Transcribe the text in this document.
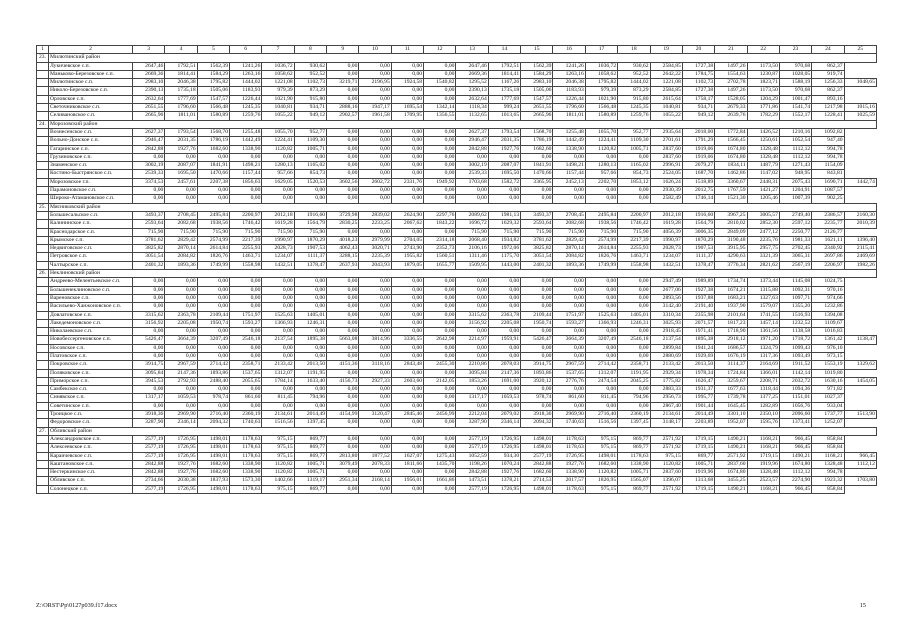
1	2	3	4	5	6	7	8	9	10	11	12	13	14	15	16	17	18	19	20	21	22	23	24	25	
23.	Милютинский район																								
	Лукичевское с.п.	2647,46	1792,51	1562,39	1241,26	1036,72	930,62	0,00	0,00	0,00	0,00	2647,46	1792,51	1562,39	1241,26	1036,72	930,62	2584,85	1727,38	1497,26	1173,50	970,68	862,37		
	Маньково-Березовское с.п.	2669,36	1814,41	1584,29	1263,16	1058,62	952,52	0,00	0,00	0,00	0,00	2669,36	1814,41	1584,29	1263,16	1058,62	952,52	2642,22	1784,75	1554,63	1230,87	1028,05	919,74		
	Милютинское с.п.	2983,10	2046,38	1795,82	1444,02	1221,08	1102,73	3219,71	2196,95	1924,58	1540,82	1295,52	1167,26	2983,10	2046,38	1795,82	1444,02	1221,08	1102,73	2702,78	1823,71	1588,19	1256,33	1048,65	
	Николо-Березовское с.п.	2390,13	1735,18	1505,06	1183,93	979,39	873,29	0,00	0,00	0,00	0,00	2390,13	1735,18	1505,06	1183,93	979,39	873,29	2584,85	1727,38	1497,26	1173,50	970,68	862,37		
	Орловское с.п.	2632,64	1777,69	1547,57	1226,44	1021,90	915,80	0,00	0,00	0,00	0,00	2632,64	1777,69	1547,57	1226,44	1021,90	915,80	2615,64	1758,17	1528,05	1204,29	1001,47	893,16		
	Светочниковское с.п.	2651,55	1796,60	1566,48	1245,35	1040,81	934,71	2888,16	1947,17	1695,54	1342,14	1118,34	999,24	2651,55	1796,60	1566,48	1245,35	1040,81	934,71	2679,33	1771,86	1541,74	1217,98	1015,16	
	Селивановское с.п.	2665,96	1811,01	1580,89	1259,76	1055,22	949,12	2902,57	1961,58	1709,95	1356,55	1132,65	1013,65	2665,96	1811,01	1580,89	1259,76	1055,22	949,12	2639,76	1782,29	1552,17	1228,41	1025,59	
24.	Морозовский район																								
	Вознесенское с.п.	2627,37	1793,54	1568,70	1255,48	1055,70	952,77	0,00	0,00	0,00	0,00	2627,37	1793,54	1568,70	1255,48	1055,70	952,77	2935,64	2018,00	1772,84	1426,52	1210,16	1092,82		
	Вольно-Донское с.п.	2946,47	2031,35	1786,19	1442,49	1224,41	1109,30	0,00	0,00	0,00	0,00	2946,47	2031,35	1786,19	1442,49	1224,41	1109,30	2701,61	1791,29	1566,45	1250,61	1052,54	947,40		
	Гагаринское с.п.	2842,88	1927,76	1682,60	1338,90	1120,82	1005,71	0,00	0,00	0,00	0,00	2842,88	1927,76	1682,60	1338,90	1120,82	1005,71	2837,60	1919,06	1674,80	1328,48	1112,12	994,78		
	Грузиновское с.п.	0,00	0,00	0,00	0,00	0,00	0,00	0,00	0,00	0,00	0,00	0,00	0,00	0,00	0,00	0,00	0,00	2837,60	1919,06	1674,80	1328,48	1112,12	994,78		
	Знаменское с.п.	3002,19	2087,07	1841,91	1498,21	1280,13	1165,02	0,00	0,00	0,00	0,00	3002,19	2087,07	1841,91	1498,21	1280,13	1165,02	2996,91	2079,27	1834,11	1487,79	1271,43	1154,09		
	Костино-Быстрянское с.п.	2539,33	1695,50	1470,66	1157,44	957,66	854,73	0,00	0,00	0,00	0,00	2539,33	1695,50	1470,66	1157,44	957,66	854,73	2524,05	1687,70	1462,86	1147,02	948,95	843,81		
	Морозовское г.п.	3374,53	2457,61	2207,38	1856,63	1629,05	1520,53	3602,56	2602,72	2331,76	1949,92	1703,68	1582,72	3365,95	2452,13	2202,70	1853,12	1626,24	1518,89	3360,67	2448,31	2075,43	1690,71	1442,74	
	Парамоновское с.п.	0,00	0,00	0,00	0,00	0,00	0,00	0,00	0,00	0,00	0,00	0,00	0,00	0,00	0,00	0,00	0,00	2930,39	2012,75	1767,59	1421,27	1204,91	1087,57		
	Широко-Атамановское с.п.	0,00	0,00	0,00	0,00	0,00	0,00	0,00	0,00	0,00	0,00	0,00	0,00	0,00	0,00	0,00	0,00	2582,49	1746,14	1521,30	1205,46	1007,39	902,25		
25.	Мясниковский район																								
	Большесальское с.п.	3493,37	2708,45	2495,84	2200,97	2012,18	1916,60	3729,98	2839,02	2624,90	2297,76	2089,62	1981,13	3493,37	2708,45	2495,84	2200,97	2012,18	1916,60	3967,25	3005,57	2749,40	2386,57	2160,30	
	Калининское с.п.	2593,64	2082,68	1938,56	1746,42	1619,28	1564,79	2830,25	2233,25	2067,62	1843,22	1696,72	1629,32	2593,64	2082,68	1938,56	1746,42	1619,28	1564,79	2810,02	2852,30	2597,12	2235,77	2010,39	
	Краснодарское с.п.	715,90	715,90	715,90	715,90	715,90	715,90	0,00	0,00	0,00	0,00	715,90	715,90	715,90	715,90	715,90	715,90	4056,39	3006,35	2849,09	2477,12	2250,77	2126,77		
	Крымское с.п.	3781,62	2829,42	2574,99	2217,39	1990,97	1870,29	4018,23	2979,99	2704,05	2314,18	2068,40	1934,82	3781,62	2829,42	2574,99	2217,39	1990,97	1870,29	3190,48	2235,76	1981,33	1621,11	1396,40	
	Недвиговское с.п.	3825,82	2870,14	2614,84	2255,93	2028,73	1907,53	4062,43	3020,71	2743,90	2352,73	2106,16	1972,06	3825,82	2870,14	2614,84	2255,93	2028,73	1907,53	3915,95	2957,75	2702,45	2340,92	2115,41	
	Петровское с.п.	3051,54	2084,82	1826,76	1463,71	1234,07	1111,37	3288,15	2235,39	1955,82	1560,51	1311,46	1175,70	3051,54	2084,82	1826,76	1463,71	1234,07	1111,37	4290,63	3321,39	3065,31	2697,86	2469,69	
	Чалтырское с.п.	2401,32	1893,36	1749,99	1558,98	1432,51	1378,47	2637,93	2043,93	1879,05	1655,77	1509,95	1443,00	2401,32	1893,36	1749,99	1558,98	1432,51	1378,47	3776,34	2821,62	2567,19	2206,97	1982,26	
26.	Неклиновский район																								
	Андреево-Мелентьевское с.п.	0,00	0,00	0,00	0,00	0,00	0,00	0,00	0,00	0,00	0,00	0,00	0,00	0,00	0,00	0,00	0,00	2947,49	1989,89	1734,74	1373,44	1145,08	1024,75		
	Большенеклиновское с.п.	0,00	0,00	0,00	0,00	0,00	0,00	0,00	0,00	0,00	0,00	0,00	0,00	0,00	0,00	0,00	0,00	2677,06	1927,38	1674,21	1315,88	1092,31	970,16		
	Вареновское с.п.	0,00	0,00	0,00	0,00	0,00	0,00	0,00	0,00	0,00	0,00	0,00	0,00	0,00	0,00	0,00	0,00	2893,56	1937,88	1683,21	1327,63	1097,71	974,66		
	Васильево-Ханжоновское с.п.	0,00	0,00	0,00	0,00	0,00	0,00	0,00	0,00	0,00	0,00	0,00	0,00	0,00	0,00	0,00	0,00	3142,40	2191,40	1937,90	1579,07	1355,20	1232,86		
	Довлатовское с.п.	3315,62	2363,78	2109,44	1751,97	1525,63	1405,01	0,00	0,00	0,00	0,00	3315,62	2363,78	2109,44	1751,97	1525,63	1405,01	3310,34	2355,98	2101,64	1741,55	1516,93	1394,08		
	Лакедемоновское с.п.	3156,92	2205,08	1950,74	1593,27	1366,93	1246,31	0,00	0,00	0,00	0,00	3156,92	2205,08	1950,74	1593,27	1366,93	1246,31	3025,93	2071,57	1817,23	1457,14	1232,52	1109,67		
	Николаевское с.п.	0,00	0,00	0,00	0,00	0,00	0,00	0,00	0,00	0,00	0,00	0,00	0,00	0,00	0,00	0,00	0,00	2918,45	1971,41	1718,90	1361,56	1138,58	1016,83		
	Новобессергеновское с.п.	5426,47	3664,39	3207,49	2546,18	2137,54	1895,38	5663,08	3814,96	3336,55	2642,98	2214,97	1959,91	5426,47	3664,39	3207,49	2546,18	2137,54	1895,38	2918,12	1971,20	1718,72	1361,42	1138,47	
	Носовское с.п.	0,00	0,00	0,00	0,00	0,00	0,00	0,00	0,00	0,00	0,00	0,00	0,00	0,00	0,00	0,00	0,00	2899,84	1941,24	1686,57	1324,79	1099,43	976,10		
	Платовское с.п.	0,00	0,00	0,00	0,00	0,00	0,00	0,00	0,00	0,00	0,00	0,00	0,00	0,00	0,00	0,00	0,00	2880,69	1929,69	1676,19	1317,36	1093,49	973,15		
	Покровское с.п.	3914,75	2967,59	2714,42	2358,71	2133,42	2013,50	4151,36	3118,16	2843,48	2455,30	2210,86	2078,03	3914,75	2967,59	2714,42	2358,71	2133,42	2013,50	3114,37	2164,69	1911,52	1553,19	1329,62	
	Поляковское с.п.	3095,84	2147,36	1893,86	1537,65	1312,07	1191,95	0,00	0,00	0,00	0,00	3095,84	2147,36	1893,86	1537,65	1312,07	1191,95	2929,34	1978,34	1724,84	1366,01	1142,14	1019,80		
	Приморское с.п.	3945,53	2792,93	2488,40	2055,65	1784,14	1633,40	4156,73	2927,33	2603,60	2142,05	1853,26	1691,00	3920,12	2776,76	2474,54	2045,25	1775,82	1626,47	3259,67	2208,71	2032,72	1630,16	1454,05	
	Самбекское с.п.	0,00	0,00	0,00	0,00	0,00	0,00	0,00	0,00	0,00	0,00	0,00	0,00	0,00	0,00	0,00	0,00	2883,33	1931,37	1677,63	1318,44	1094,36	971,82		
	Синявское с.п.	1317,17	1059,53	978,74	861,60	811,45	794,96	0,00	0,00	0,00	0,00	1317,17	1059,53	978,74	861,60	811,45	794,96	2956,73	1995,77	1739,78	1377,25	1151,01	1027,37		
	Советинское с.п.	0,00	0,00	0,00	0,00	0,00	0,00	0,00	0,00	0,00	0,00	0,00	0,00	0,00	0,00	0,00	0,00	2867,40	1901,44	1645,45	1282,89	1056,76	933,04		
	Троицкое с.п.	3918,36	2969,90	2716,40	2360,19	2134,61	2014,49	4154,99	3120,47	2845,46	2456,99	2212,04	2079,02	3918,36	2969,90	2716,40	2360,19	2134,61	2014,49	3301,10	2350,10	2096,60	1737,77	1513,90	
	Федоровское с.п.	3287,90	2346,14	2094,32	1740,63	1516,56	1397,45	0,00	0,00	0,00	0,00	3287,90	2346,14	2094,32	1740,63	1516,56	1397,45	3148,17	2203,89	1952,07	1595,76	1373,41	1252,07		
27.	Обливский район																								
	Александровское с.п.	2577,19	1726,95	1498,01	1178,63	975,15	869,77	0,00	0,00	0,00	0,00	2577,19	1726,95	1498,01	1178,63	975,15	869,77	2571,92	1719,15	1490,21	1168,21	966,45	858,84		
	Алексеевское с.п.	2577,19	1726,95	1498,01	1178,63	975,15	869,77	0,00	0,00	0,00	0,00	2577,19	1726,95	1498,01	1178,63	975,15	869,77	2571,92	1719,15	1490,21	1168,21	966,45	858,84		
	Караичевское с.п.	2577,19	1726,95	1498,01	1178,63	975,15	869,77	2813,80	1877,52	1627,07	1275,43	1052,59	934,30	2577,19	1726,95	1498,01	1178,63	975,15	869,77	2571,92	1719,15	1490,21	1168,21	966,45	
	Каштановское с.п.	2842,88	1927,76	1682,60	1338,90	1120,82	1005,71	3079,49	2078,33	1811,66	1435,70	1198,26	1070,24	2842,88	1927,76	1682,60	1338,90	1120,82	1005,71	2837,60	1919,96	1674,80	1328,48	1112,12	
	Нестеркинское с.п.	2842,88	1927,76	1682,60	1338,90	1120,82	1005,71	0,00	0,00	0,00	0,00	2842,88	1927,76	1682,60	1338,90	1120,82	1005,71	2837,60	1919,96	1674,80	1328,48	1112,12	994,78		
	Обливское с.п.	2734,66	2030,38	1837,93	1573,30	1402,66	1319,17	2951,34	2168,14	1956,01	1661,86	1473,51	1378,21	2714,53	2017,57	1826,95	1565,07	1396,07	1313,68	3455,25	2523,57	2274,90	1923,32	1703,80	
	Солонецкое с.п.	2577,19	1726,95	1498,01	1178,63	975,15	869,77	0,00	0,00	0,00	0,00	2577,19	1726,95	1498,01	1178,63	975,15	869,77	2571,92	1719,15	1490,21	1168,21	966,45	858,84		
Z:\ORST\Pp\0127p039.f17.docx	15
